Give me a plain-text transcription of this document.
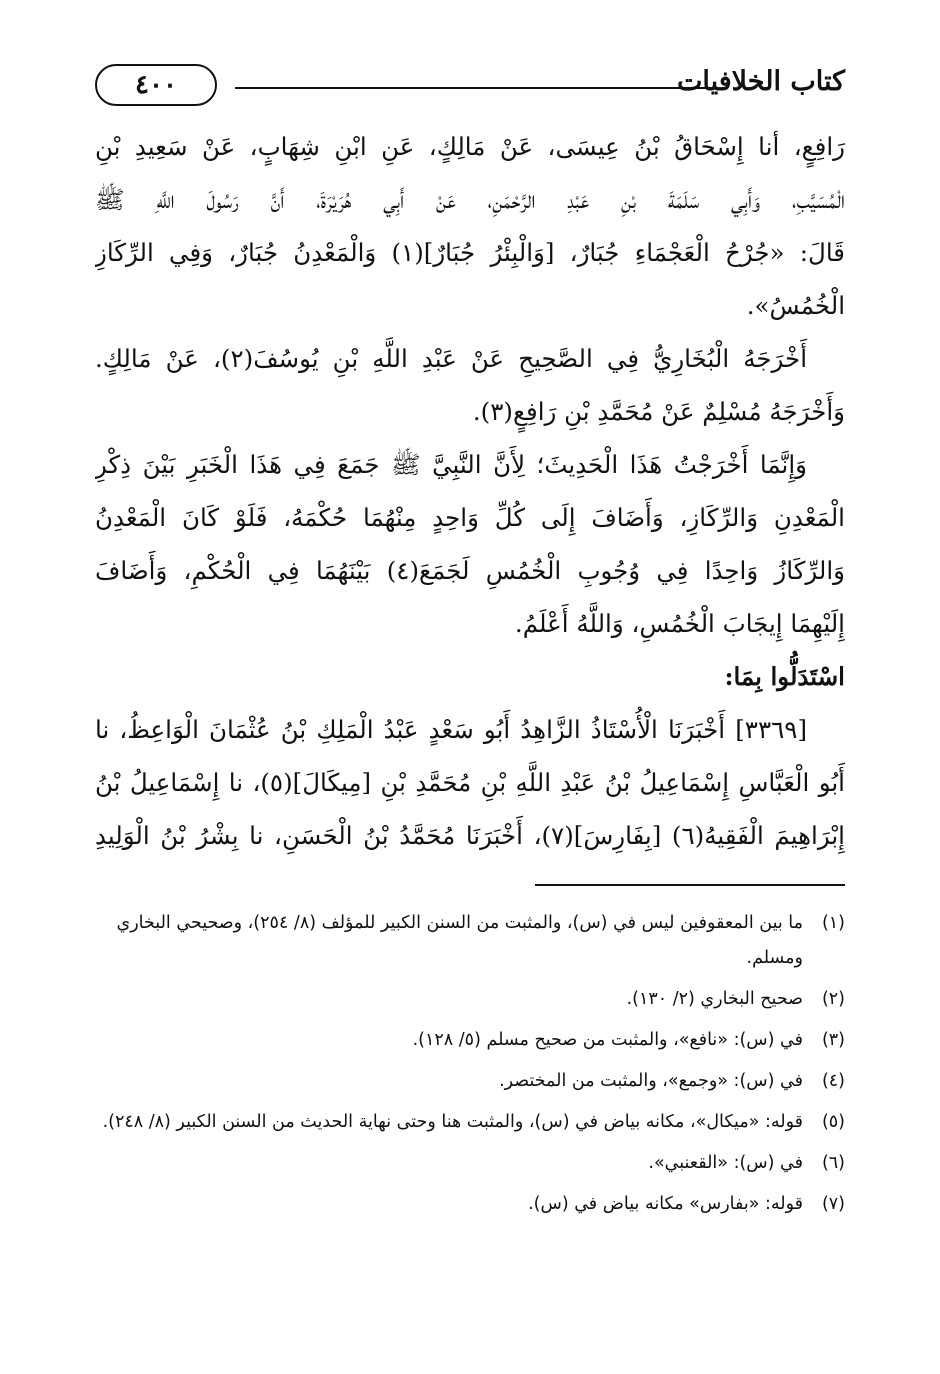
كتاب الخلافيات
٤٠٠
رَافِعٍ، أنا إِسْحَاقُ بْنُ عِيسَى، عَنْ مَالِكٍ، عَنِ ابْنِ شِهَابٍ، عَنْ سَعِيدِ بْنِ
الْمُسَيَّبِ، وَأَبِي سَلَمَةَ بْنِ عَبْدِ الرَّحْمَنِ، عَنْ أَبِي هُرَيْرَةَ، أَنَّ رَسُولَ اللَّهِ ﷺ
قَالَ: «جُرْحُ الْعَجْمَاءِ جُبَارٌ، [وَالْبِئْرُ جُبَارٌ](١) وَالْمَعْدِنُ جُبَارٌ، وَفِي الرِّكَازِ
الْخُمُسُ».
أَخْرَجَهُ الْبُخَارِيُّ فِي الصَّحِيحِ عَنْ عَبْدِ اللَّهِ بْنِ يُوسُفَ(٢)، عَنْ مَالِكٍ.
وَأَخْرَجَهُ مُسْلِمٌ عَنْ مُحَمَّدِ بْنِ رَافِعٍ(٣).
وَإِنَّمَا أَخْرَجْتُ هَذَا الْحَدِيثَ؛ لِأَنَّ النَّبِيَّ ﷺ جَمَعَ فِي هَذَا الْخَبَرِ بَيْنَ ذِكْرِ
الْمَعْدِنِ وَالرِّكَازِ، وَأَضَافَ إِلَى كُلِّ وَاحِدٍ مِنْهُمَا حُكْمَهُ، فَلَوْ كَانَ الْمَعْدِنُ
وَالرِّكَازُ وَاحِدًا فِي وُجُوبِ الْخُمُسِ لَجَمَعَ(٤) بَيْنَهُمَا فِي الْحُكْمِ، وَأَضَافَ
إِلَيْهِمَا إِيجَابَ الْخُمُسِ، وَاللَّهُ أَعْلَمُ.
اسْتَدَلُّوا بِمَا:
[٣٣٦٩] أَخْبَرَنَا الْأُسْتَاذُ الزَّاهِدُ أَبُو سَعْدٍ عَبْدُ الْمَلِكِ بْنُ عُثْمَانَ الْوَاعِظُ، نا
أَبُو الْعَبَّاسِ إِسْمَاعِيلُ بْنُ عَبْدِ اللَّهِ بْنِ مُحَمَّدِ بْنِ [مِيكَالَ](٥)، نا إِسْمَاعِيلُ بْنُ
إِبْرَاهِيمَ الْفَقِيهُ(٦) [بِفَارِسَ](٧)، أَخْبَرَنَا مُحَمَّدُ بْنُ الْحَسَنِ، نا بِشْرُ بْنُ الْوَلِيدِ
(١)
ما بين المعقوفين ليس في (س)، والمثبت من السنن الكبير للمؤلف (٨/ ٢٥٤)، وصحيحي البخاري ومسلم.
(٢)
صحيح البخاري (٢/ ١٣٠).
(٣)
في (س): «نافع»، والمثبت من صحيح مسلم (٥/ ١٢٨).
(٤)
في (س): «وجمع»، والمثبت من المختصر.
(٥)
قوله: «ميكال»، مكانه بياض في (س)، والمثبت هنا وحتى نهاية الحديث من السنن الكبير (٨/ ٢٤٨).
(٦)
في (س): «القعنبي».
(٧)
قوله: «بفارس» مكانه بياض في (س).
